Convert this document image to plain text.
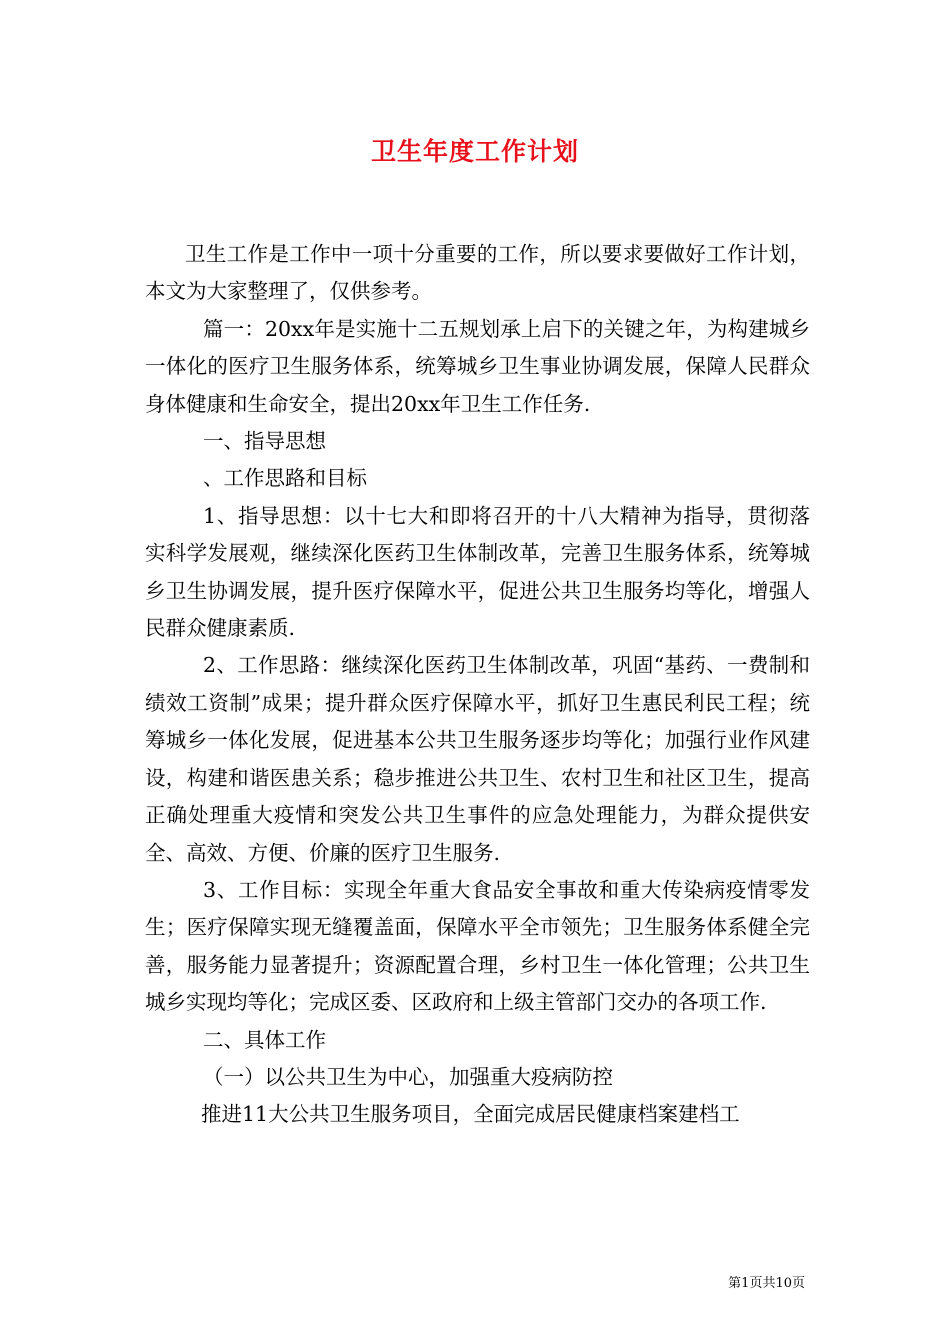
卫生年度工作计划

卫生工作是工作中一项十分重要的工作，所以要求要做好工作计划，本文为大家整理了，仅供参考。

篇一：20xx年是实施十二五规划承上启下的关键之年，为构建城乡一体化的医疗卫生服务体系，统筹城乡卫生事业协调发展，保障人民群众身体健康和生命安全，提出20xx年卫生工作任务.

一、指导思想

、工作思路和目标

1、指导思想：以十七大和即将召开的十八大精神为指导，贯彻落实科学发展观，继续深化医药卫生体制改革，完善卫生服务体系，统筹城乡卫生协调发展，提升医疗保障水平，促进公共卫生服务均等化，增强人民群众健康素质.

2、工作思路：继续深化医药卫生体制改革，巩固“基药、一费制和绩效工资制”成果；提升群众医疗保障水平，抓好卫生惠民利民工程；统筹城乡一体化发展，促进基本公共卫生服务逐步均等化；加强行业作风建设，构建和谐医患关系；稳步推进公共卫生、农村卫生和社区卫生，提高正确处理重大疫情和突发公共卫生事件的应急处理能力，为群众提供安全、高效、方便、价廉的医疗卫生服务.

3、工作目标：实现全年重大食品安全事故和重大传染病疫情零发生；医疗保障实现无缝覆盖面，保障水平全市领先；卫生服务体系健全完善，服务能力显著提升；资源配置合理，乡村卫生一体化管理；公共卫生城乡实现均等化；完成区委、区政府和上级主管部门交办的各项工作.

二、具体工作

（一）以公共卫生为中心，加强重大疫病防控

推进11大公共卫生服务项目，全面完成居民健康档案建档工

第1页共10页
